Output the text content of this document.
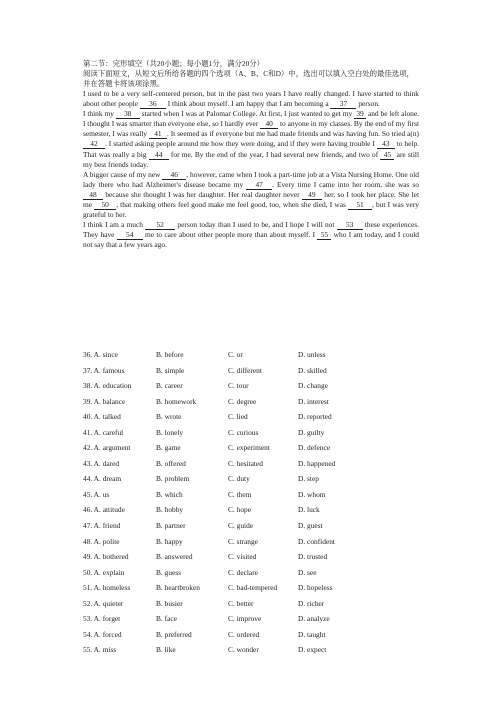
第二节：完形填空（共20小题；每小题1分，满分20分）

阅读下面短文，从短文后所给各题的四个选项（A、B、C和D）中，选出可以填入空白处的最佳选项，并在答题卡将该项涂黑。

I used to be a very self-centered person, but in the past two years I have really changed. I have started to think about other people 36 I think about myself. I am happy that I am becoming a 37 person.

I think my 38 started when I was at Palomar College. At first, I just wanted to get my 39 and be left alone. I thought I was smarter than everyone else, so I hardly ever 40 to anyone in my classes. By the end of my first semester, I was really 41 . It seemed as if everyone but me had made friends and was having fun. So tried a(n) 42 . I started asking people around me how they were doing, and if they were having trouble I 43 to help. That was really a big 44 for me. By the end of the year, I had several new friends, and two of 45 are still my best friends today.

A bigger cause of my new 46 , however, came when I took a part-time job at a Vista Nursing Home. One old lady there who had Alzheimer's disease became my 47 . Every time I came into her room, she was so 48 because she thought I was her daughter. Her real daughter never 49 her, so I took her place. She let me 50 , that making others feel good make me feel good, too, when she died, I was 51 , but I was very grateful to her.

I think I am a much 52 person today than I used to be, and I hope I will not 53 these experiences. They have 54 me to care about other people more than about myself. I 55 who I am today, and I could not say that a few years ago.

36. A. since	B. before	C. or	D. unless
37. A. famous	B. simple	C. different	D. skilled
38. A. education	B. career	C. tour	D. change
39. A. balance	B. homework	C. degree	D. interest
40. A. talked	B. wrote	C. lied	D. reported
41. A. careful	B. lonely	C. curious	D. guilty
42. A. argument	B. game	C. experiment	D. defence
43. A. dared	B. offered	C. hesitated	D. happened
44. A. dream	B. problem	C. duty	D. step
45. A. us	B. which	C. them	D. whom
46. A. attitude	B. hobby	C. hope	D. luck
47. A. friend	B. partner	C. guide	D. guest
48. A. polite	B. happy	C. strange	D. confident
49. A. bothered	B. answered	C. visited	D. trusted
50. A. explain	B. guess	C. declare	D. see
51. A. homeless	B. heartbroken	C. bad-tempered	D. hopeless
52. A. quieter	B. busier	C. better	D. richer
53. A. forget	B. face	C. improve	D. analyze
54. A. forced	B. preferred	C. ordered	D. taught
55. A. miss	B. like	C. wonder	D. expect
